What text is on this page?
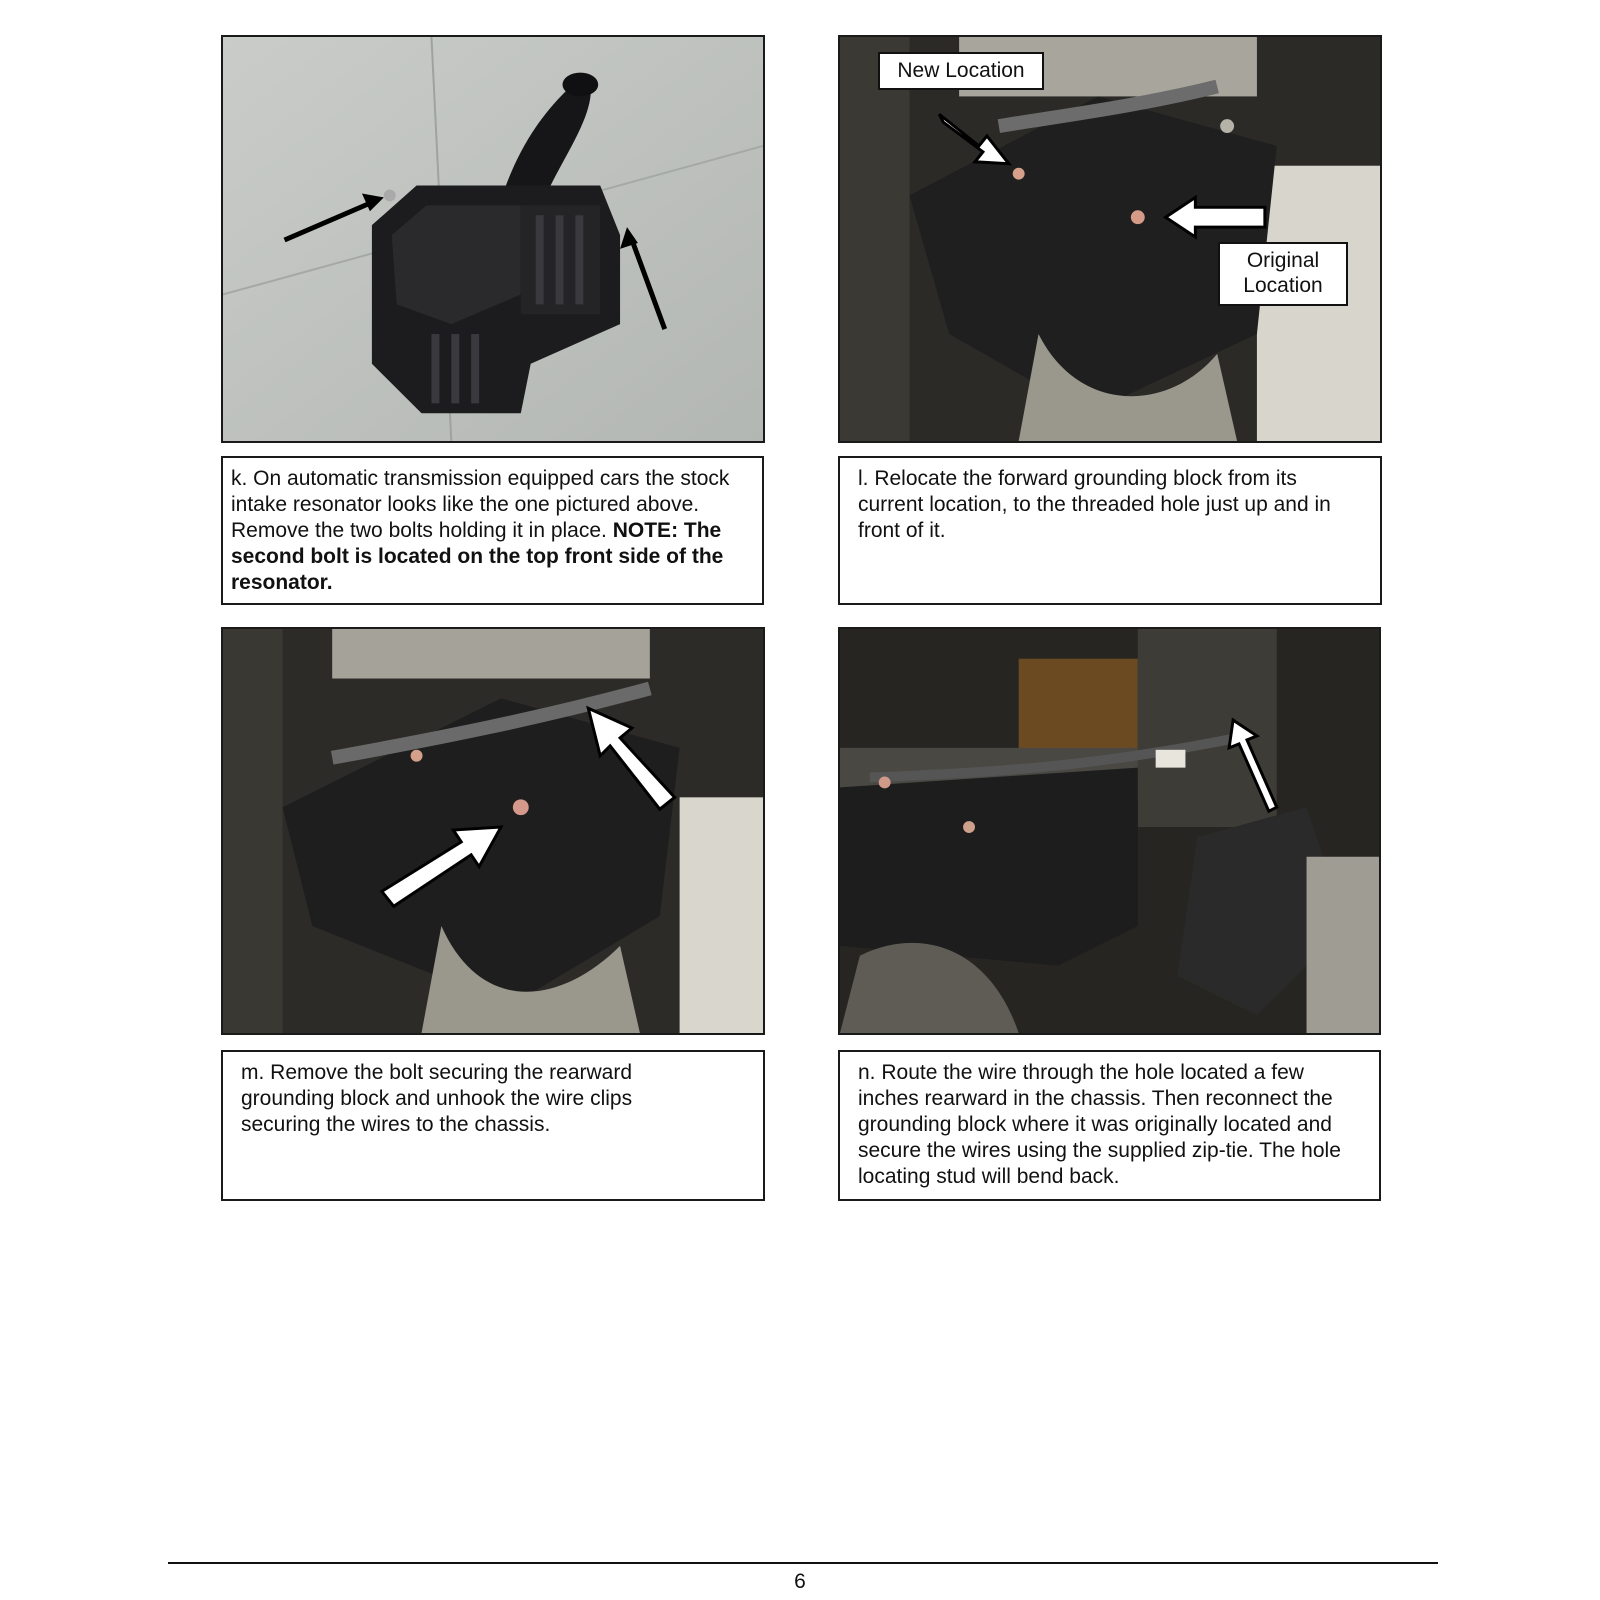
New Location
Original Location
k. On automatic transmission equipped cars the stock intake resonator looks like the one pictured above. Remove the two bolts holding it in place. NOTE: The second bolt is located on the top front side of the resonator.
l. Relocate the forward grounding block from its current location, to the threaded hole just up and in front of it.
m. Remove the bolt securing the rearward grounding block and unhook the wire clips securing the wires to the chassis.
n. Route the wire through the hole located a few inches rearward in the chassis. Then reconnect the grounding block where it was originally located and secure the wires using the supplied zip-tie. The hole locating stud will bend back.
6
